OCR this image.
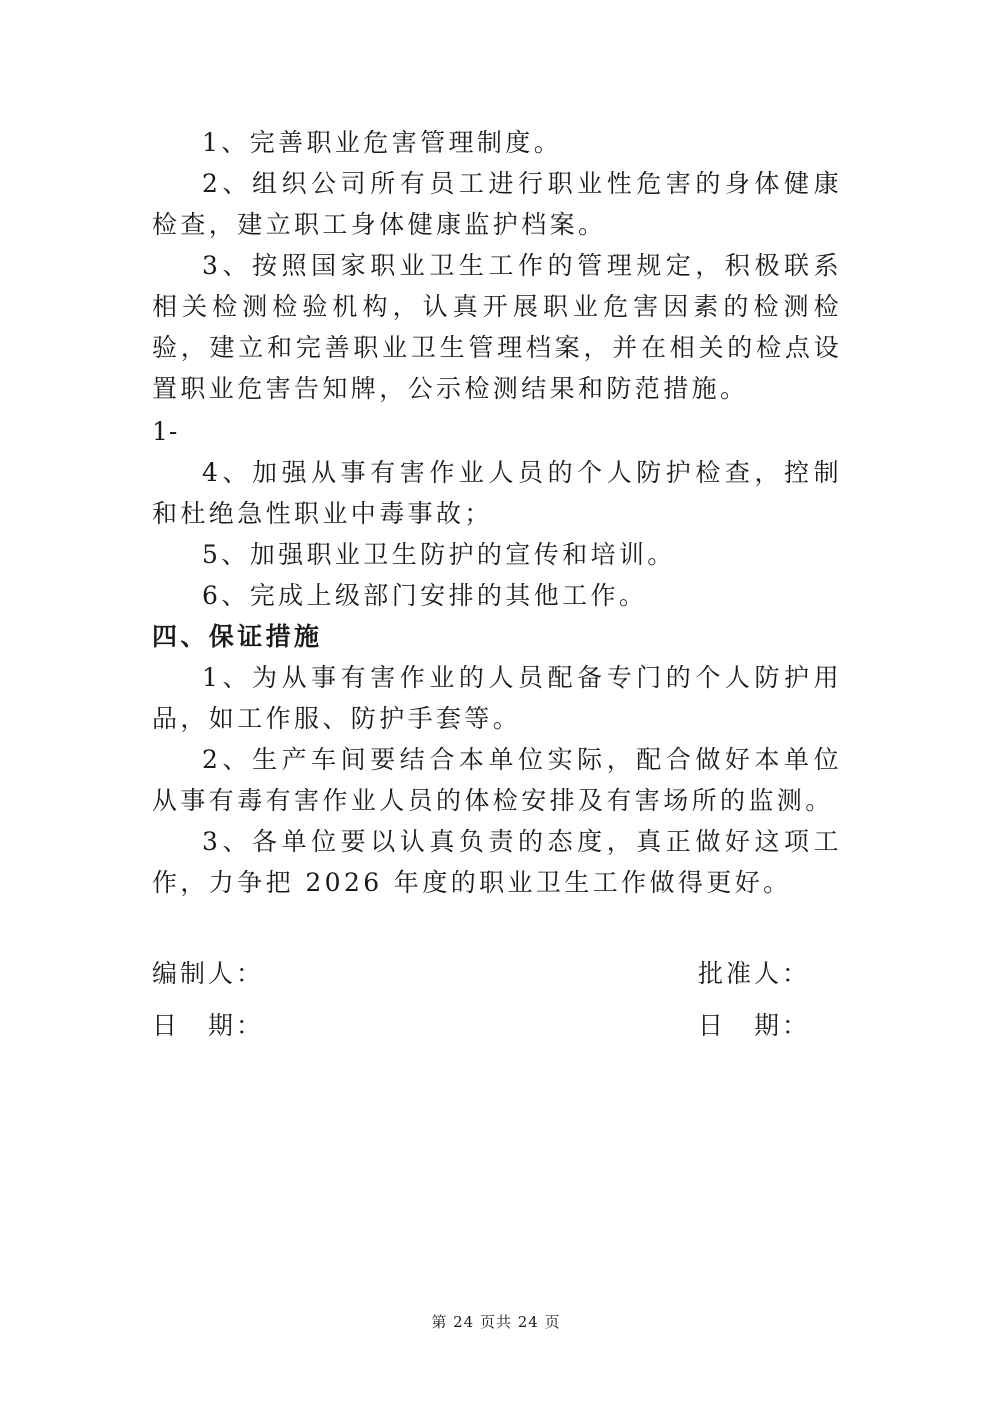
1、完善职业危害管理制度。

2、组织公司所有员工进行职业性危害的身体健康检查，建立职工身体健康监护档案。

3、按照国家职业卫生工作的管理规定，积极联系相关检测检验机构，认真开展职业危害因素的检测检验，建立和完善职业卫生管理档案，并在相关的检点设置职业危害告知牌，公示检测结果和防范措施。

1-

4、加强从事有害作业人员的个人防护检查，控制和杜绝急性职业中毒事故；

5、加强职业卫生防护的宣传和培训。

6、完成上级部门安排的其他工作。

四、保证措施

1、为从事有害作业的人员配备专门的个人防护用品，如工作服、防护手套等。

2、生产车间要结合本单位实际，配合做好本单位从事有毒有害作业人员的体检安排及有害场所的监测。

3、各单位要以认真负责的态度，真正做好这项工作，力争把 2026 年度的职业卫生工作做得更好。

编制人：	批准人：
日　期：	日　期：
第 24 页共 24 页
